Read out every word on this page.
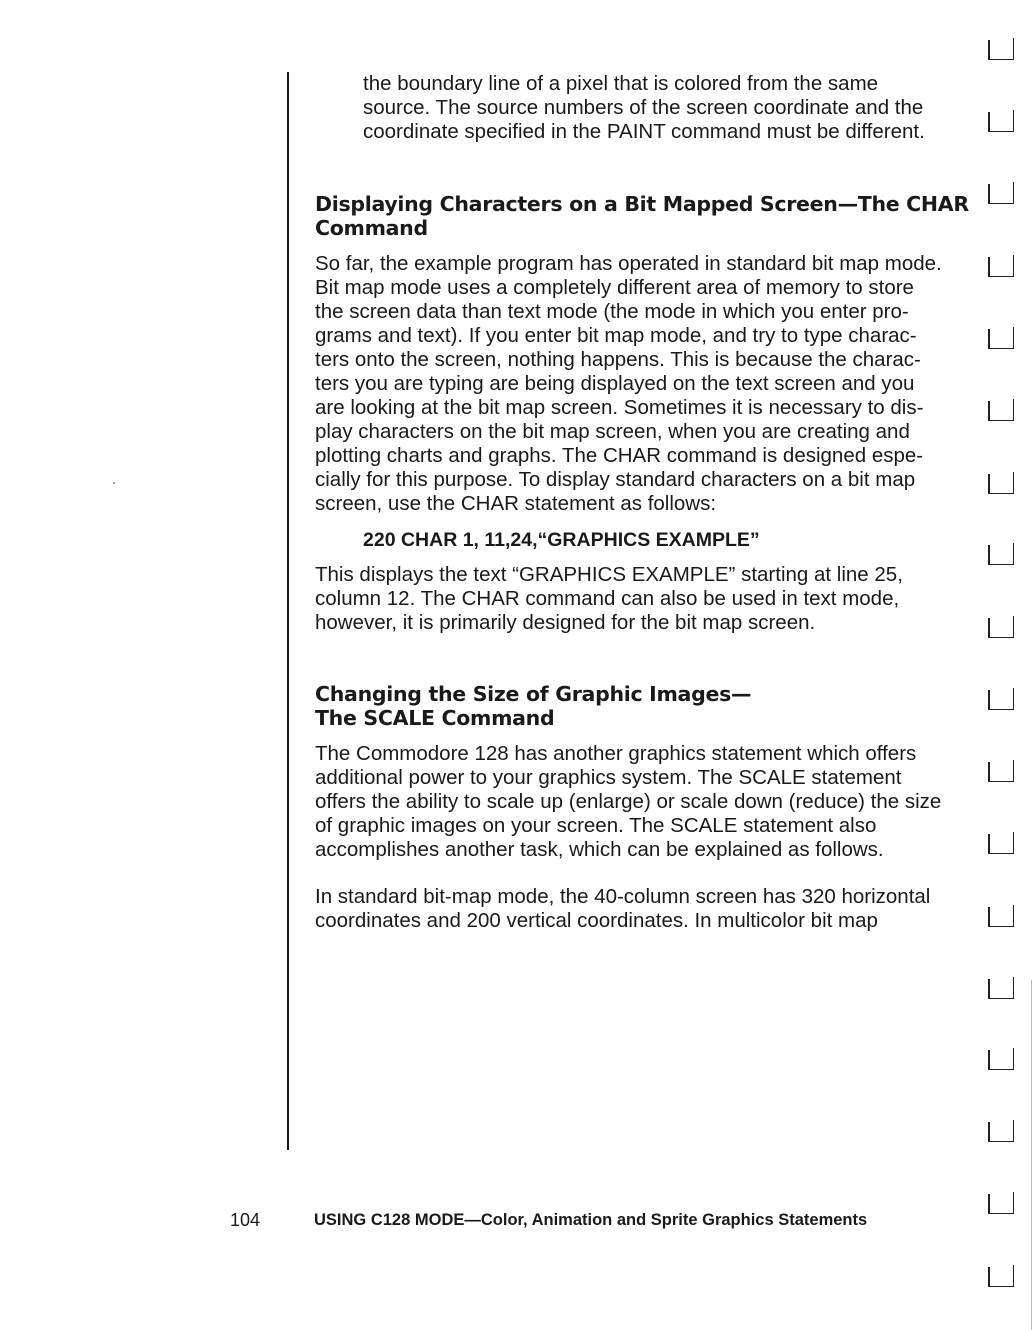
the boundary line of a pixel that is colored from the same
source. The source numbers of the screen coordinate and the
coordinate specified in the PAINT command must be different.

Displaying Characters on a Bit Mapped Screen—The CHAR
Command

So far, the example program has operated in standard bit map mode.
Bit map mode uses a completely different area of memory to store
the screen data than text mode (the mode in which you enter pro-
grams and text). If you enter bit map mode, and try to type charac-
ters onto the screen, nothing happens. This is because the charac-
ters you are typing are being displayed on the text screen and you
are looking at the bit map screen. Sometimes it is necessary to dis-
play characters on the bit map screen, when you are creating and
plotting charts and graphs. The CHAR command is designed espe-
cially for this purpose. To display standard characters on a bit map
screen, use the CHAR statement as follows:

220 CHAR 1, 11,24,“GRAPHICS EXAMPLE”

This displays the text “GRAPHICS EXAMPLE” starting at line 25,
column 12. The CHAR command can also be used in text mode,
however, it is primarily designed for the bit map screen.

Changing the Size of Graphic Images—
The SCALE Command

The Commodore 128 has another graphics statement which offers
additional power to your graphics system. The SCALE statement
offers the ability to scale up (enlarge) or scale down (reduce) the size
of graphic images on your screen. The SCALE statement also
accomplishes another task, which can be explained as follows.

In standard bit-map mode, the 40-column screen has 320 horizontal
coordinates and 200 vertical coordinates. In multicolor bit map

104	USING C128 MODE—Color, Animation and Sprite Graphics Statements
